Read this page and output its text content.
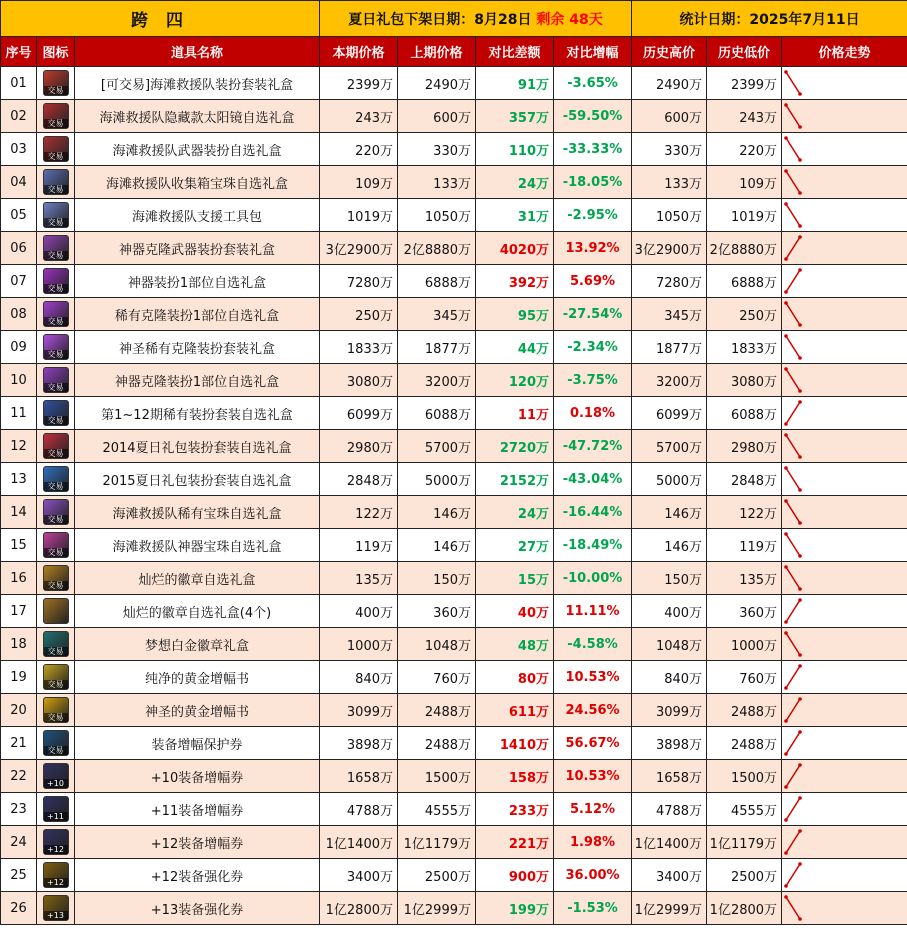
跨 四			夏日礼包下架日期：8月28日 剩余 48天				统计日期：2025年7月11日		
序号	图标	道具名称	本期价格	上期价格	对比差额	对比增幅	历史高价	历史低价	价格走势
01	交易	[可交易]海滩救援队装扮套装礼盒	2399万	2490万	91万	-3.65%	2490万	2399万	

02	交易	海滩救援队隐藏款太阳镜自选礼盒	243万	600万	357万	-59.50%	600万	243万	

03	交易	海滩救援队武器装扮自选礼盒	220万	330万	110万	-33.33%	330万	220万	

04	交易	海滩救援队收集箱宝珠自选礼盒	109万	133万	24万	-18.05%	133万	109万	

05	交易	海滩救援队支援工具包	1019万	1050万	31万	-2.95%	1050万	1019万	

06	交易	神器克隆武器装扮套装礼盒	3亿2900万	2亿8880万	4020万	13.92%	3亿2900万	2亿8880万	

07	交易	神器装扮1部位自选礼盒	7280万	6888万	392万	5.69%	7280万	6888万	

08	交易	稀有克隆装扮1部位自选礼盒	250万	345万	95万	-27.54%	345万	250万	

09	交易	神圣稀有克隆装扮套装礼盒	1833万	1877万	44万	-2.34%	1877万	1833万	

10	交易	神器克隆装扮1部位自选礼盒	3080万	3200万	120万	-3.75%	3200万	3080万	

11	交易	第1~12期稀有装扮套装自选礼盒	6099万	6088万	11万	0.18%	6099万	6088万	

12	交易	2014夏日礼包装扮套装自选礼盒	2980万	5700万	2720万	-47.72%	5700万	2980万	

13	交易	2015夏日礼包装扮套装自选礼盒	2848万	5000万	2152万	-43.04%	5000万	2848万	

14	交易	海滩救援队稀有宝珠自选礼盒	122万	146万	24万	-16.44%	146万	122万	

15	交易	海滩救援队神器宝珠自选礼盒	119万	146万	27万	-18.49%	146万	119万	

16	交易	灿烂的徽章自选礼盒	135万	150万	15万	-10.00%	150万	135万	

17		灿烂的徽章自选礼盒(4个)	400万	360万	40万	11.11%	400万	360万	

18	交易	梦想白金徽章礼盒	1000万	1048万	48万	-4.58%	1048万	1000万	

19	交易	纯净的黄金增幅书	840万	760万	80万	10.53%	840万	760万	

20	交易	神圣的黄金增幅书	3099万	2488万	611万	24.56%	3099万	2488万	

21	交易	装备增幅保护券	3898万	2488万	1410万	56.67%	3898万	2488万	

22	+10	+10装备增幅券	1658万	1500万	158万	10.53%	1658万	1500万	

23	+11	+11装备增幅券	4788万	4555万	233万	5.12%	4788万	4555万	

24	+12	+12装备增幅券	1亿1400万	1亿1179万	221万	1.98%	1亿1400万	1亿1179万	

25	+12	+12装备强化券	3400万	2500万	900万	36.00%	3400万	2500万	

26	+13	+13装备强化券	1亿2800万	1亿2999万	199万	-1.53%	1亿2999万	1亿2800万	
